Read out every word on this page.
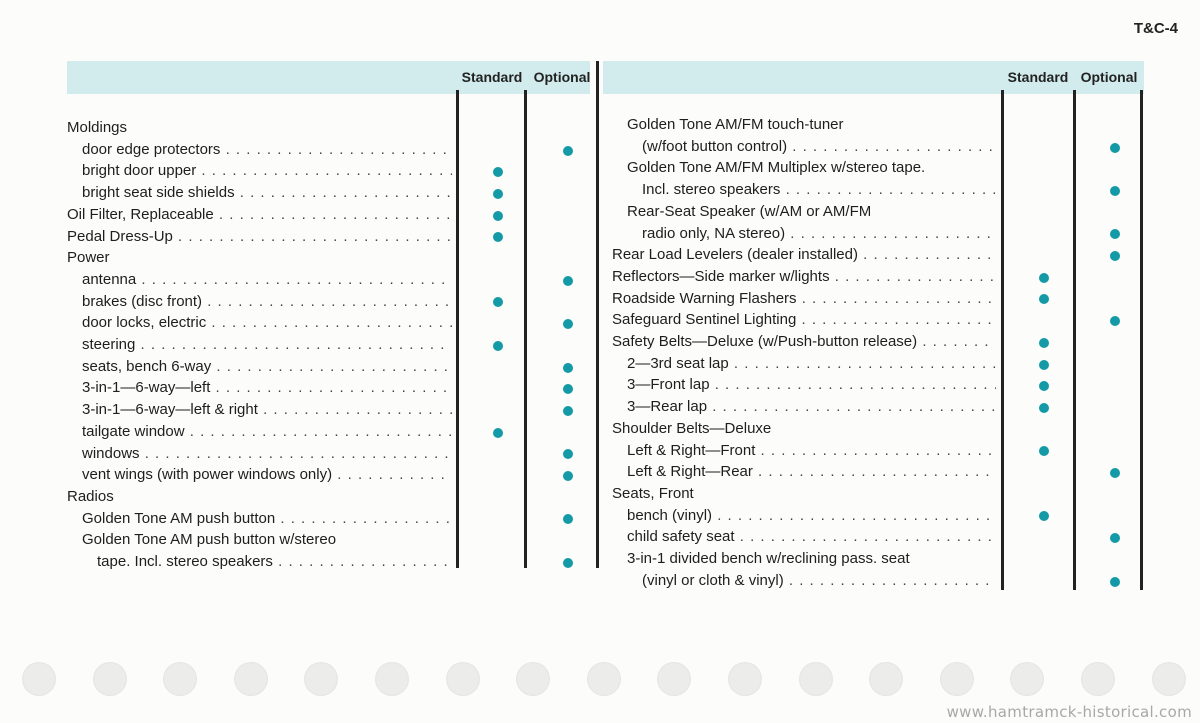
T&C-4
Standard Optional	Standard Optional
Moldings
door edge protectors . . .
bright door upper . . .
bright seat side shields . . .
Oil Filter, Replaceable . . .
Pedal Dress-Up . . .
Power
antenna . . .
brakes (disc front) . . .
door locks, electric . . .
steering . . .
seats, bench 6-way . . .
3-in-1—6-way—left . . .
3-in-1—6-way—left & right . . .
tailgate window . . .
windows . . .
vent wings (with power windows only) . . .
Radios
Golden Tone AM push button . . .
Golden Tone AM push button w/stereo
tape. Incl. stereo speakers . . .
Golden Tone AM/FM touch-tuner
(w/foot button control) . . .
Golden Tone AM/FM Multiplex w/stereo tape.
Incl. stereo speakers . . .
Rear-Seat Speaker (w/AM or AM/FM
radio only, NA stereo) . . .
Rear Load Levelers (dealer installed) . . .
Reflectors—Side marker w/lights . . .
Roadside Warning Flashers . . .
Safeguard Sentinel Lighting . . .
Safety Belts—Deluxe (w/Push-button release) . . .
2—3rd seat lap . . .
3—Front lap . . .
3—Rear lap . . .
Shoulder Belts—Deluxe
Left & Right—Front . . .
Left & Right—Rear . . .
Seats, Front
bench (vinyl) . . .
child safety seat . . .
3-in-1 divided bench w/reclining pass. seat
(vinyl or cloth & vinyl) . . .
www.hamtramck-historical.com
